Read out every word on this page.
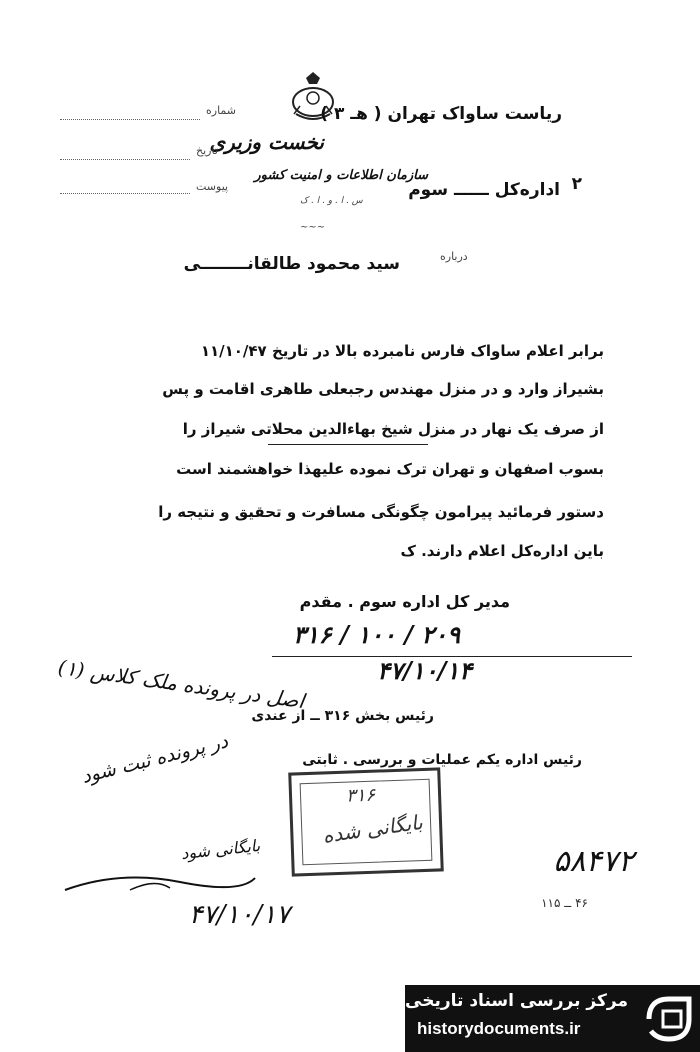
ریاست ساواک تهران ( هـ ۳ )
نخست وزیری
سازمان اطلاعات و امنیت کشور	۲
اداره‌کل ــــــ سوم
س . ا . و . ا . ک
~~~
شماره
تاریخ
پیوست
درباره
سید محمود طالقانــــــــی
برابر اعلام ساواک فارس نامبرده بالا در تاریخ ۱۱/۱۰/۴۷
بشیراز وارد و در منزل مهندس رجبعلی طاهری اقامت و پس
از صرف یک نهار در منزل شیخ بهاءالدین محلاتی شیراز را
بسوب اصفهان و تهران ترک نموده علیهذا خواهشمند است
دستور فرمائید پیرامون چگونگی مسافرت و تحقیق و نتیجه را
باین اداره‌کل اعلام دارند. ک
مدیر کل اداره سوم . مقدم
۲۰۹ / ۱۰۰ / ۳۱۶
۴۷/۱۰/۱۴
اصل در پرونده ملک کلاس (۱)
رئیس بخش ۳۱۶ ــ از عندی
رئیس اداره یکم عملیات و بررسی . ثابتی
در پرونده ثبت شود
بایگانی شود
۳۱۶
بایگانی شده
۵۸۴۷۲
۴۶ ــ ۱۱۵
۴۷/۱۰/۱۷
مرکز بررسی اسناد تاریخی
historydocuments.ir
